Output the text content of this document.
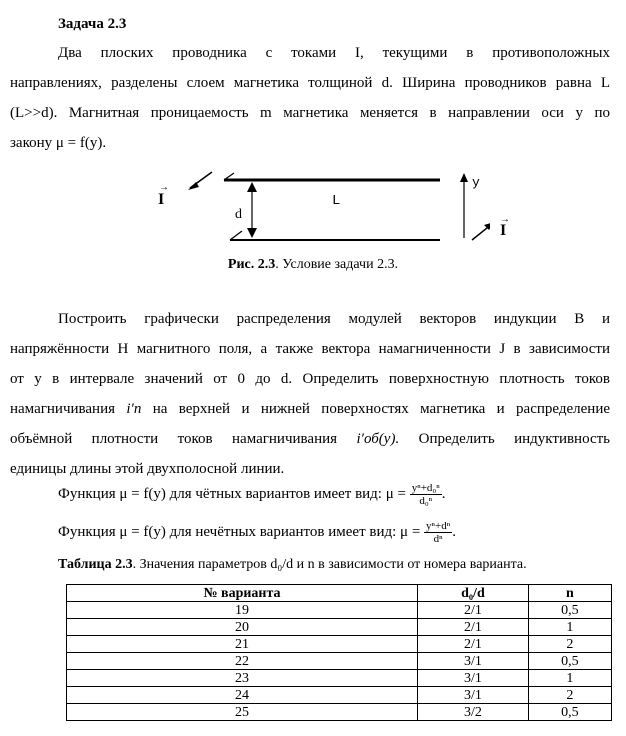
Задача 2.3
Два плоских проводника с токами I, текущими в противоположных
направлениях, разделены слоем магнетика толщиной d. Ширина проводников равна L
(L>>d). Магнитная проницаемость m магнетика меняется в направлении оси y по
закону μ = f(y).
I
→
d
L
y
I
→
Рис. 2.3. Условие задачи 2.3.
Построить графически распределения модулей векторов индукции B и
напряжённости H магнитного поля, а также вектора намагниченности J в зависимости
от y в интервале значений от 0 до d. Определить поверхностную плотность токов
намагничивания i′п на верхней и нижней поверхностях магнетика и распределение
объёмной плотности токов намагничивания i′об(y). Определить индуктивность
единицы длины этой двухполосной линии.
Функция μ = f(y) для чётных вариантов имеет вид: $\mu = \frac{\text{yⁿ+d₀ⁿ}}{\text{d₀ⁿ}}$ .
Функция μ = f(y) для нечётных вариантов имеет вид: $\mu = \frac{\text{yⁿ+dⁿ}}{\text{dⁿ}}$ .
Таблица 2.3. Значения параметров d₀/d и n в зависимости от номера варианта.
№ варианта	d₀/d	n
19	2/1	0,5
20	2/1	1
21	2/1	2
22	3/1	0,5
23	3/1	1
24	3/1	2
25	3/2	0,5
